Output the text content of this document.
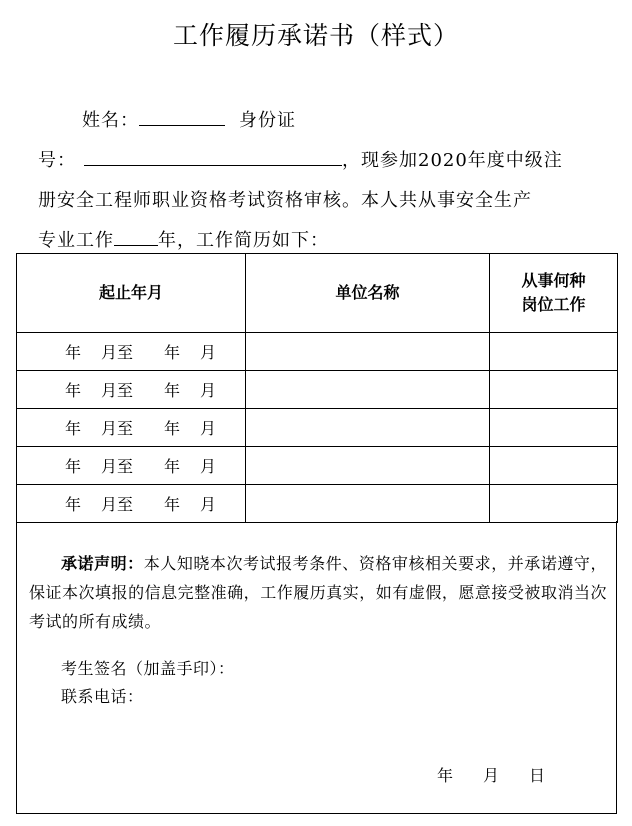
工作履历承诺书（样式）
姓名：	身份证
号：	，现参加2020年度中级注
册安全工程师职业资格考试资格审核。本人共从事安全生产
专业工作 年，工作简历如下：
起止年月	单位名称	从事何种
岗位工作

年 月至 年 月		
年 月至 年 月		
年 月至 年 月		
年 月至 年 月		
年 月至 年 月		
承诺声明：本人知晓本次考试报考条件、资格审核相关要求，并承诺遵守，保证本次填报的信息完整准确，工作履历真实，如有虚假，愿意接受被取消当次考试的所有成绩。
考生签名（加盖手印）：
联系电话：
年 月 日
